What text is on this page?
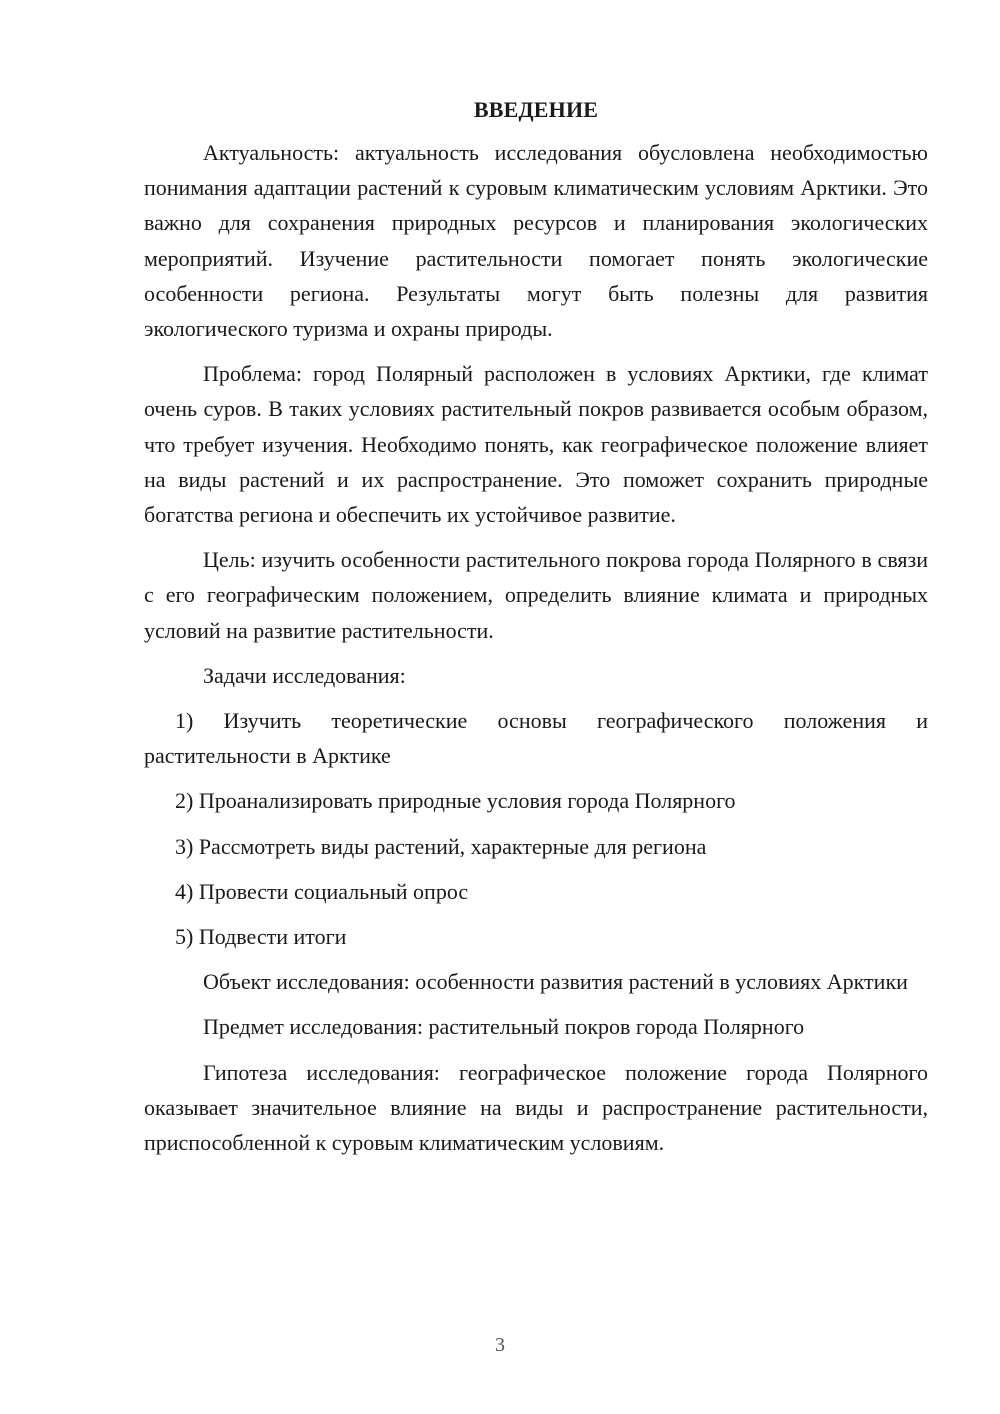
ВВЕДЕНИЕ

Актуальность: актуальность исследования обусловлена необходимостью понимания адаптации растений к суровым климатическим условиям Арктики. Это важно для сохранения природных ресурсов и планирования экологических мероприятий. Изучение растительности помогает понять экологические особенности региона. Результаты могут быть полезны для развития экологического туризма и охраны природы.

Проблема: город Полярный расположен в условиях Арктики, где климат очень суров. В таких условиях растительный покров развивается особым образом, что требует изучения. Необходимо понять, как географическое положение влияет на виды растений и их распространение. Это поможет сохранить природные богатства региона и обеспечить их устойчивое развитие.

Цель: изучить особенности растительного покрова города Полярного в связи с его географическим положением, определить влияние климата и природных условий на развитие растительности.

Задачи исследования:

1) Изучить теоретические основы географического положения и растительности в Арктике

2) Проанализировать природные условия города Полярного

3) Рассмотреть виды растений, характерные для региона

4) Провести социальный опрос

5) Подвести итоги

Объект исследования: особенности развития растений в условиях Арктики

Предмет исследования: растительный покров города Полярного

Гипотеза исследования: географическое положение города Полярного оказывает значительное влияние на виды и распространение растительности, приспособленной к суровым климатическим условиям.

3
